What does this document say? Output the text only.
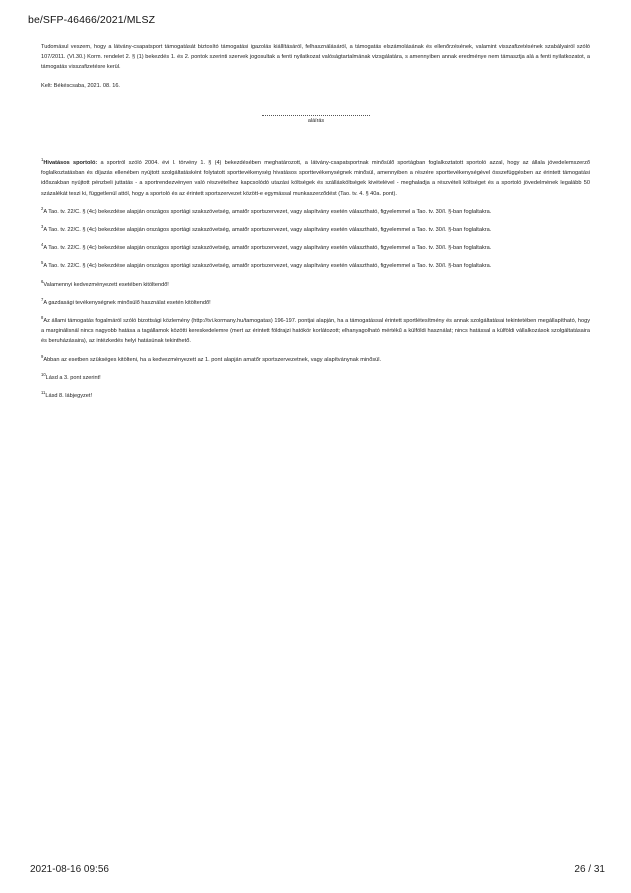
be/SFP-46466/2021/MLSZ

Tudomásul veszem, hogy a látvány-csapatsport támogatását biztosító támogatási igazolás kiállításáról, felhasználásáról, a támogatás elszámolásának és ellenőrzésének, valamint visszafizetésének szabályairól szóló 107/2011. (VI.30.) Korm. rendelet 2. § (1) bekezdés 1. és 2. pontok szerinti szervek jogosultak a fenti nyilatkozat valóságtartalmának vizsgálatára, s amennyiben annak eredménye nem támasztja alá a fenti nyilatkozatot, a támogatás visszafizetésre kerül.

Kelt: Békéscsaba, 2021. 08. 16.

aláírás

$^1$Hivatásos sportoló: a sportról szóló 2004. évi I. törvény 1. § (4) bekezdésében meghatározott, a látvány-csapatsportnak minősülő sportágban foglalkoztatott sportoló azzal, hogy az állala jövedelemszerző foglalkoztatásban és díjazás ellenében nyújtott szolgáltatásként folytatott sporttevékenység hivatásos sporttevékenységnek minősül, amennyiben a részére sporttevékenységével összefüggésben az érintett támogatási időszakban nyújtott pénzbeli juttatás - a sportrendezvényen való részvételhez kapcsolódó utazási költségek és szállásköltségek kivételével - meghaladja a részvételi költséget és a sportoló jövedelmének legalább 50 százalékát teszi ki, függetlenül attól, hogy a sportoló és az érintett sportszervezet között-e egymással munkaszerződést (Tao. tv. 4. § 40a. pont).

$^2$A Tao. tv. 22/C. § (4c) bekezdése alapján országos sportági szakszövetség, amatőr sportszervezet, vagy alapítvány esetén választható, figyelemmel a Tao. tv. 30/I. §-ban foglaltakra.

$^3$A Tao. tv. 22/C. § (4c) bekezdése alapján országos sportági szakszövetség, amatőr sportszervezet, vagy alapítvány esetén választható, figyelemmel a Tao. tv. 30/I. §-ban foglaltakra.

$^4$A Tao. tv. 22/C. § (4c) bekezdése alapján országos sportági szakszövetség, amatőr sportszervezet, vagy alapítvány esetén választható, figyelemmel a Tao. tv. 30/I. §-ban foglaltakra.

$^5$A Tao. tv. 22/C. § (4c) bekezdése alapján országos sportági szakszövetség, amatőr sportszervezet, vagy alapítvány esetén választható, figyelemmel a Tao. tv. 30/I. §-ban foglaltakra.

$^6$Valamennyi kedvezményezett esetében kitöltendő!

$^7$A gazdasági tevékenységnek minősülő használat esetén kitöltendő!

$^8$Az állami támogatás fogalmáról szóló bizottsági közlemény (http://tvi.kormany.hu/tamogatas) 196-197. pontjai alapján, ha a támogatással érintett sportlétesítmény és annak szolgáltatásai tekintetében megállapítható, hogy a marginálisnál nincs nagyobb hatása a tagállamok közötti kereskedelemre (mert az érintett földrajzi hatókör korlátozott; elhanyagolható mértékű a külföldi használat; nincs hatással a külföldi vállalkozások szolgáltatásaira és beruházásaira), az intézkedés helyi hatásúnak tekinthető.

$^9$Abban az esetben szükséges kitölteni, ha a kedvezményezett az 1. pont alapján amatőr sportszervezetnek, vagy alapítványnak minősül.

$^{10}$Lásd a 3. pont szerint!

$^{11}$Lásd 8. lábjegyzet!

2021-08-16 09:56	26 / 31
